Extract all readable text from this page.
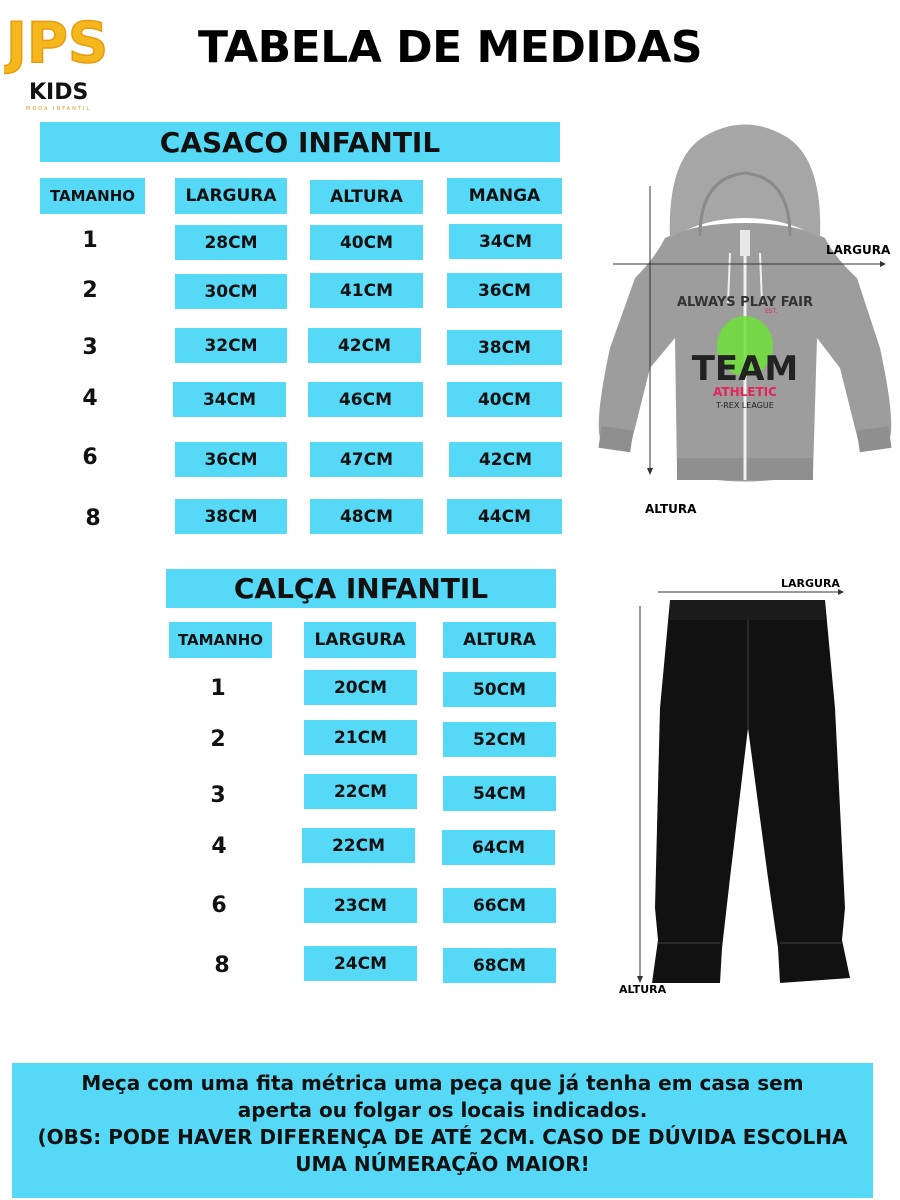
JPS
KIDS
MODA INFANTIL
TABELA DE MEDIDAS
CASACO INFANTIL
TAMANHO	LARGURA	ALTURA	MANGA
1	28CM	40CM	34CM
2	30CM	41CM	36CM
3	32CM	42CM	38CM
4	34CM	46CM	40CM
6	36CM	47CM	42CM
8	38CM	48CM	44CM
ALWAYS PLAY FAIR
EST.
TEAM
ATHLETIC
T-REX LEAGUE
LARGURA
ALTURA
CALÇA INFANTIL
TAMANHO	LARGURA	ALTURA
1	20CM	50CM
2	21CM	52CM
3	22CM	54CM
4	22CM	64CM
6	23CM	66CM
8	24CM	68CM
LARGURA
ALTURA
Meça com uma fita métrica uma peça que já tenha em casa sem
aperta ou folgar os locais indicados.
(OBS: PODE HAVER DIFERENÇA DE ATÉ 2CM. CASO DE DÚVIDA ESCOLHA
UMA NÚMERAÇÃO MAIOR!
